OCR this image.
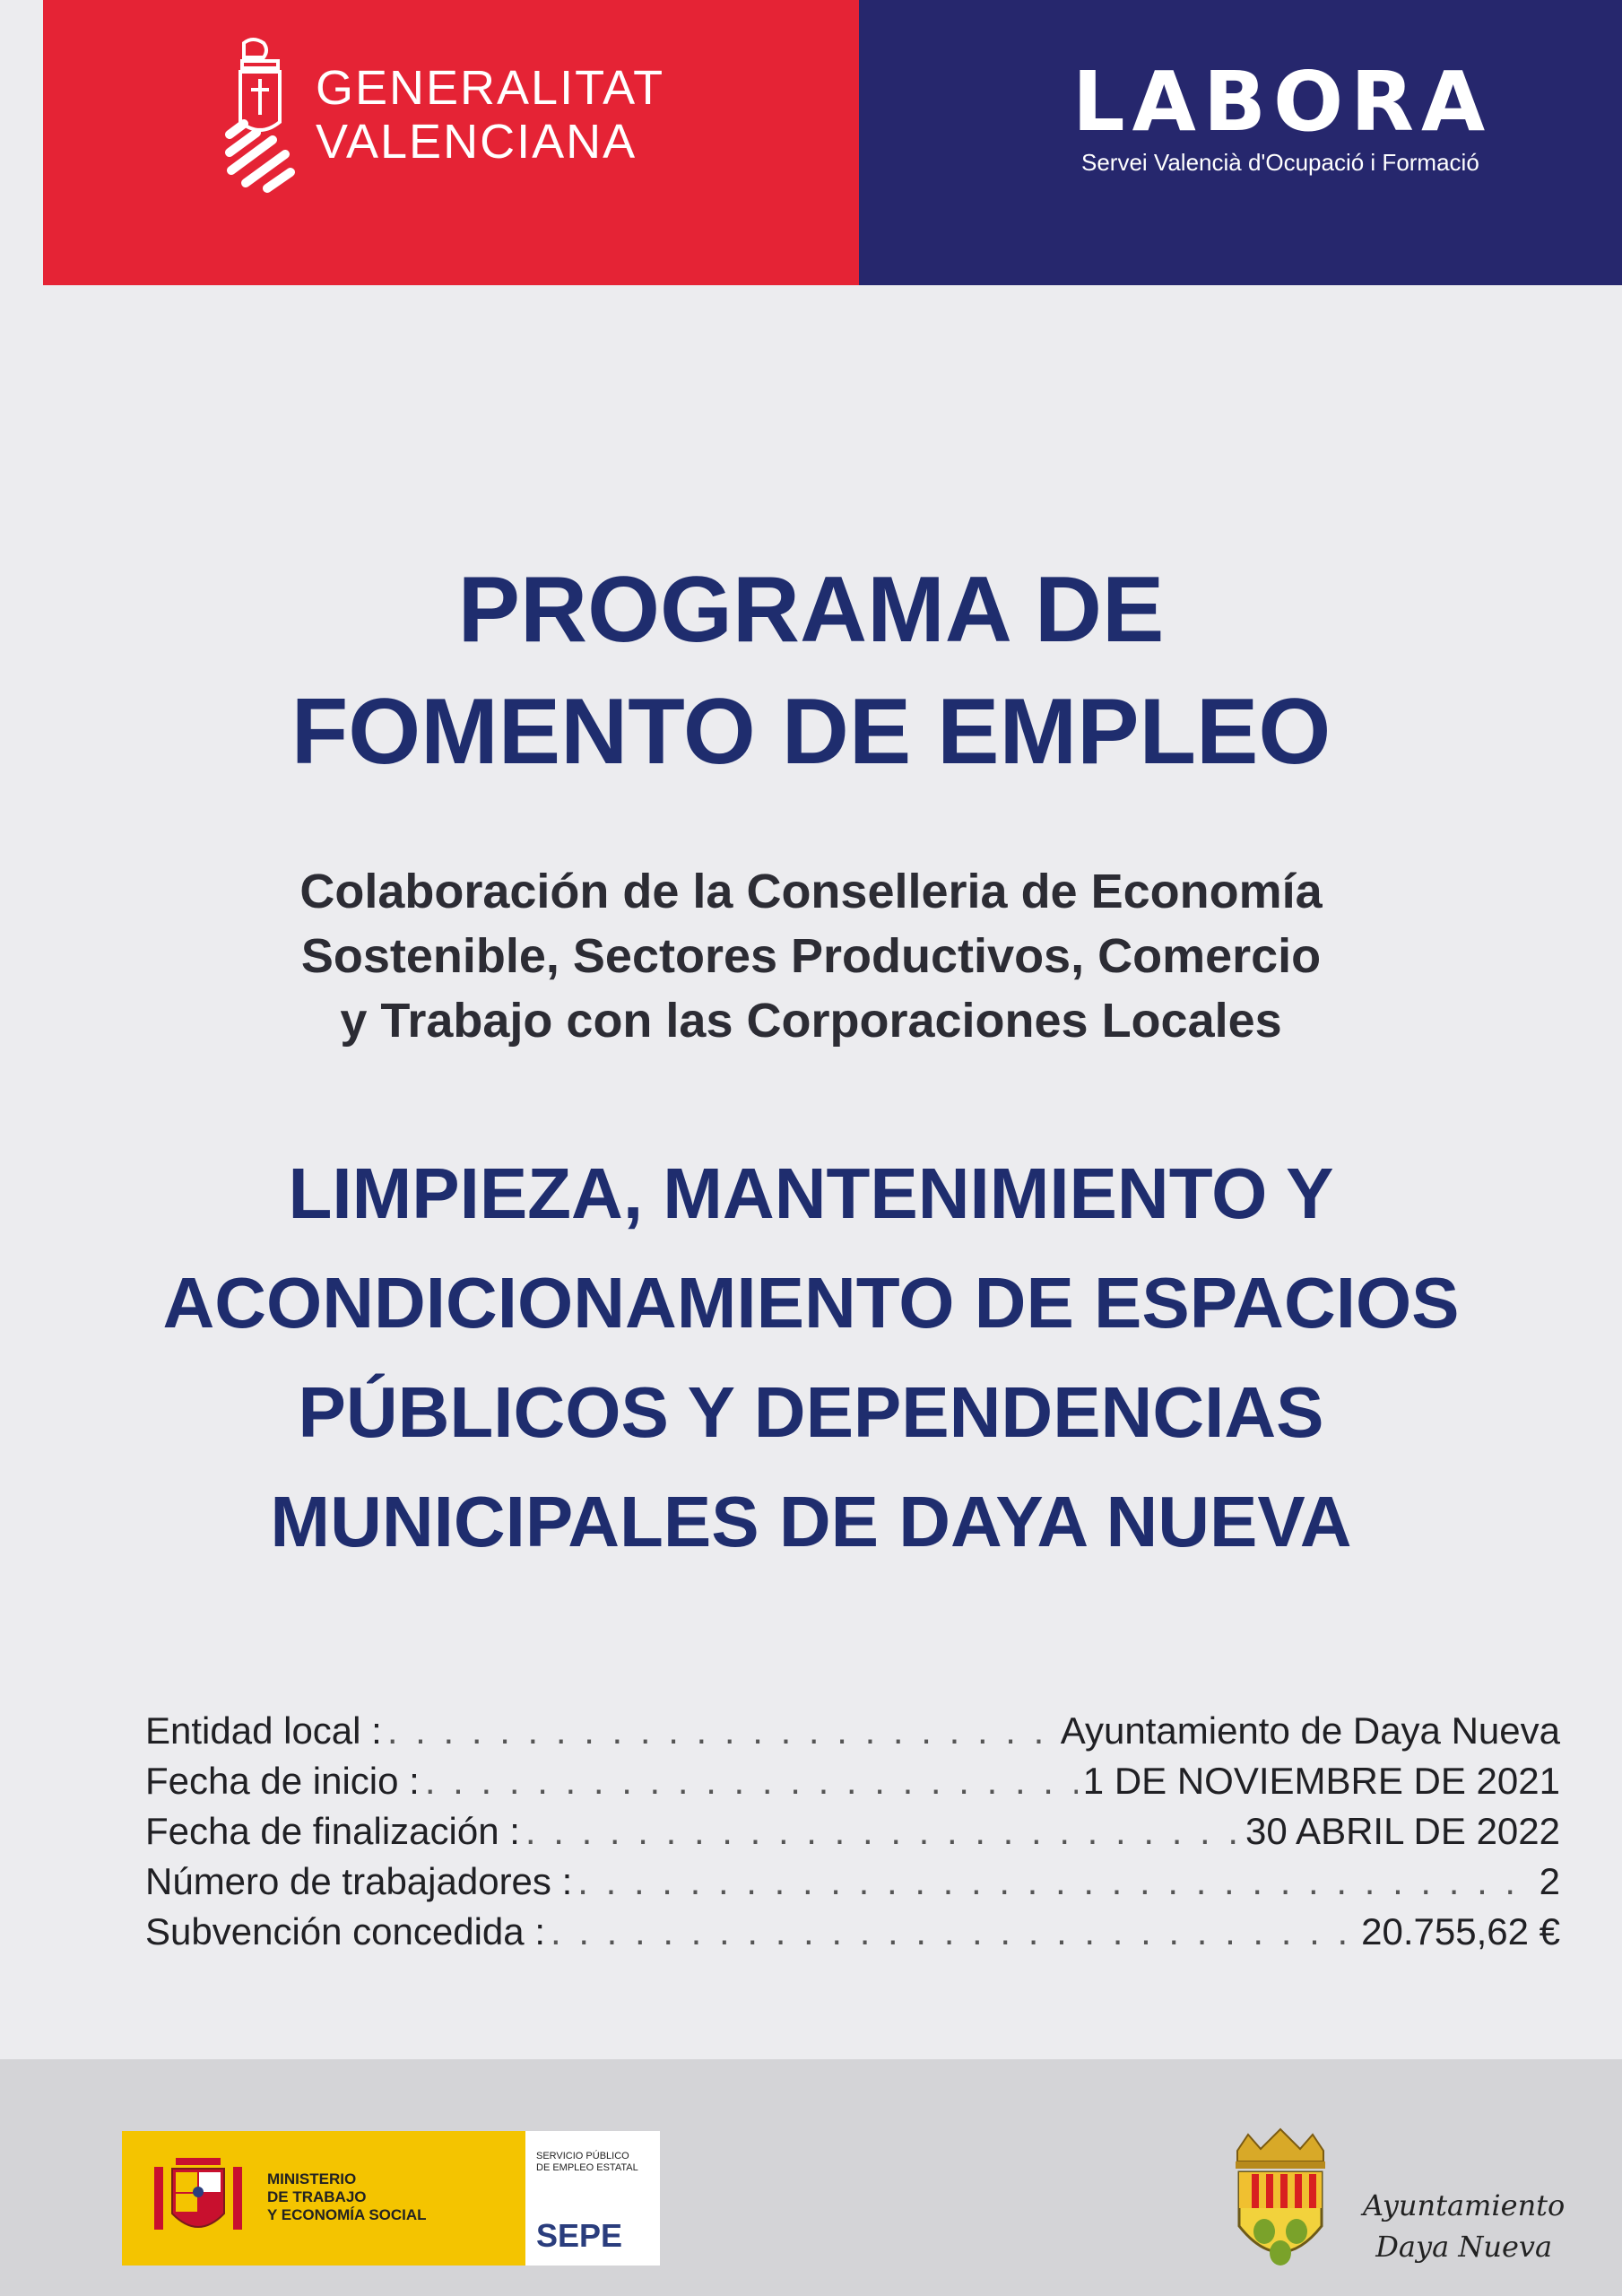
GENERALITAT
VALENCIANA	LABORA
Servei Valencià d'Ocupació i Formació
PROGRAMA DE
FOMENTO DE EMPLEO
Colaboración de la Conselleria de Economía
Sostenible, Sectores Productivos, Comercio
y Trabajo con las Corporaciones Locales
LIMPIEZA, MANTENIMIENTO Y
ACONDICIONAMIENTO DE ESPACIOS
PÚBLICOS Y DEPENDENCIAS
MUNICIPALES DE DAYA NUEVA
Entidad local : . . .	Ayuntamiento de Daya Nueva
Fecha de inicio : . . .	1 DE NOVIEMBRE DE 2021
Fecha de finalización : . . .	30 ABRIL DE 2022
Número de trabajadores : . . .	2
Subvención concedida : . . .	20.755,62 €
MINISTERIO
DE TRABAJO
Y ECONOMÍA SOCIAL
SERVICIO PÚBLICO
DE EMPLEO ESTATAL
SEPE
Ayuntamiento
Daya Nueva
